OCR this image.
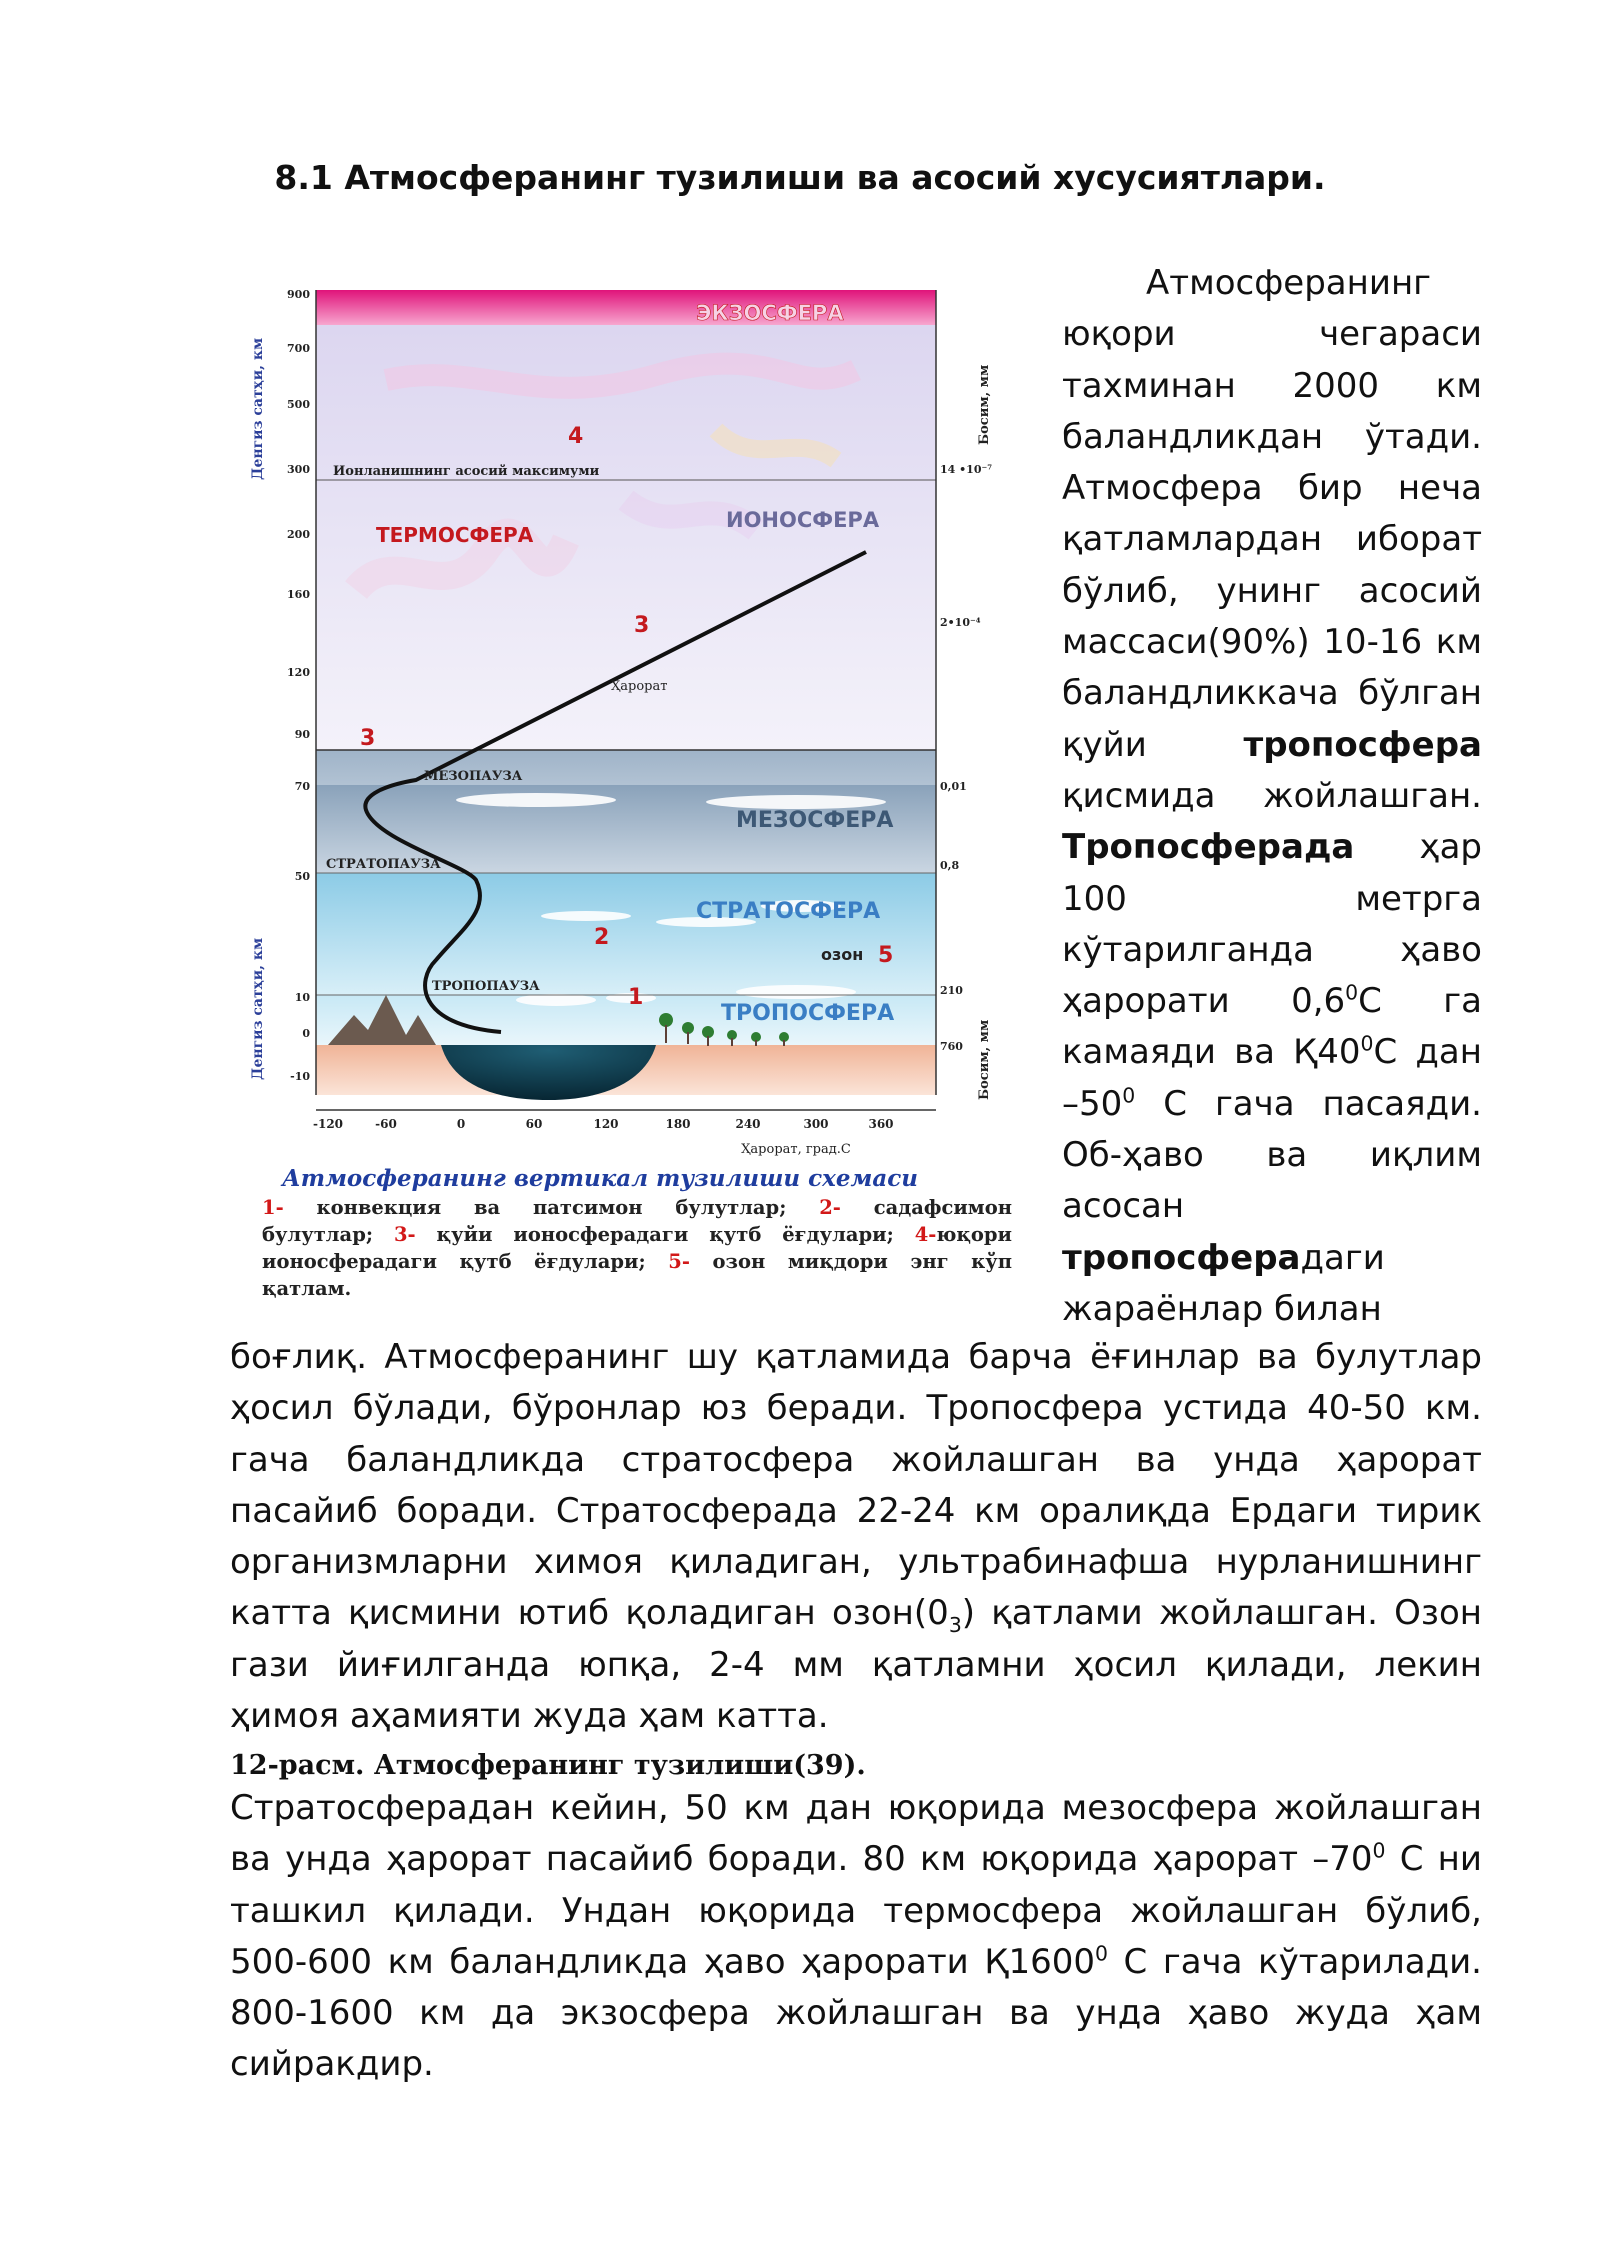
8.1 Атмосферанинг тузилиши ва асосий хусусиятлари.
900
700
500
300
200
160
120
90
70
50
10
0
-10
14 •10⁻⁷
2•10⁻⁴
0,01
0,8
210
760
-120	-60	0	60	120	180	240	300	360
Ҳарорат, град.С
Денгиз сатҳи, км
Денгиз сатҳи, км
Босим, мм
Босим, мм
ЭКЗОСФЕРА
ИОНОСФЕРА
ТЕРМОСФЕРА
МЕЗОСФЕРА
СТРАТОСФЕРА
ТРОПОСФЕРА
Ионланишнинг асосий максимуми
МЕЗОПАУЗА
СТРАТОПАУЗА
ТРОПОПАУЗА
Ҳарорат
озон
4
3
3
2
5
1
Атмосферанинг вертикал тузилиши схемаси
1- конвекция ва патсимон булутлар; 2- садафсимон
булутлар; 3- қуйи ионосферадаги қутб ёғдулари; 4-юқори
ионосферадаги қутб ёғдулари; 5- озон миқдори энг кўп
қатлам.
Атмосферанинг
юқори чегараси
тахминан 2000 км
баландликдан ўтади.
Атмосфера бир неча
қатламлардан иборат
бўлиб, унинг асосий
массаси(90%) 10-16 км
баландликкача бўлган
қуйи тропосфера
қисмида жойлашган.
Тропосферада ҳар
100 метрга
кўтарилганда ҳаво
ҳарорати $0,6^0С$ га
камаяди ва $Қ40^0С$ дан
$-50^0$ С гача пасаяди.
Об-ҳаво ва иқлим
асосан
тропосферадаги
жараёнлар билан
боғлиқ. Атмосферанинг шу қатламида барча ёғинлар ва булутлар
ҳосил бўлади, бўронлар юз беради. Тропосфера устида 40-50 км.
гача баландликда стратосфера жойлашган ва унда ҳарорат
пасайиб боради. Стратосферада 22-24 км оралиқда Ердаги тирик
организмларни химоя қиладиган, ультрабинафша нурланишнинг
катта қисмини ютиб қоладиган $озон(0_3)$ қатлами жойлашган. Озон
гази йиғилганда юпқа, 2-4 мм қатламни ҳосил қилади, лекин
ҳимоя аҳамияти жуда ҳам катта.
12-расм. Атмосферанинг тузилиши(39).
Стратосферадан кейин, 50 км дан юқорида мезосфера жойлашган
ва унда ҳарорат пасайиб боради. 80 км юқорида ҳарорат $-70^0$ С ни
ташкил қилади. Ундан юқорида термосфера жойлашган бўлиб,
500-600 км баландликда ҳаво ҳарорати Қ1600$^0$ С гача кўтарилади.
800-1600 км да экзосфера жойлашган ва унда ҳаво жуда ҳам
сийракдир.
